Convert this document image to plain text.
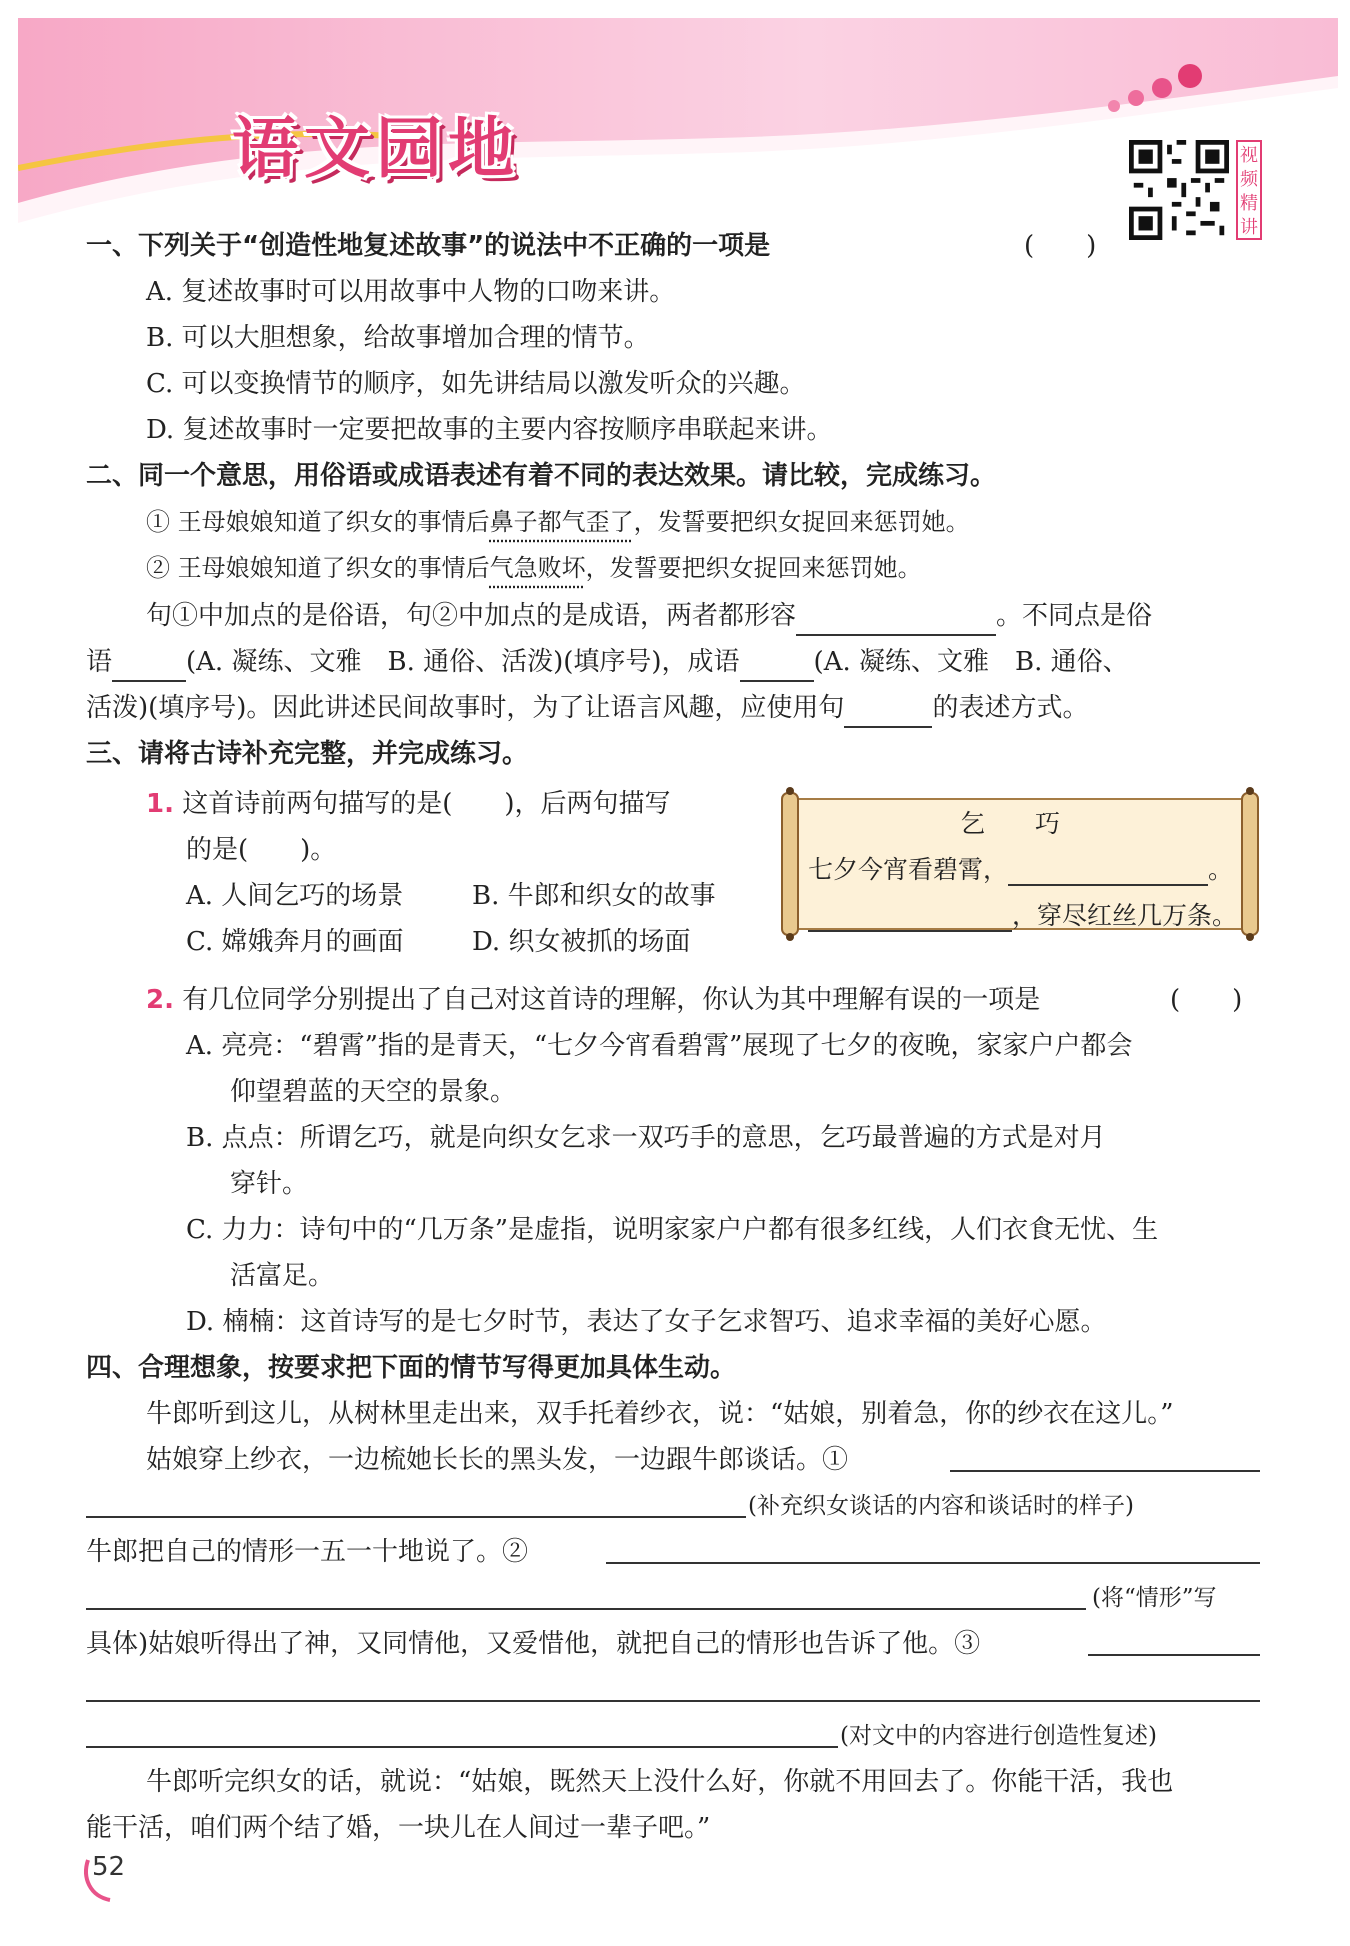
语文园地	视频精讲
一、下列关于“创造性地复述故事”的说法中不正确的一项是	(　　)
A. 复述故事时可以用故事中人物的口吻来讲。
B. 可以大胆想象，给故事增加合理的情节。
C. 可以变换情节的顺序，如先讲结局以激发听众的兴趣。
D. 复述故事时一定要把故事的主要内容按顺序串联起来讲。
二、同一个意思，用俗语或成语表述有着不同的表达效果。请比较，完成练习。
① 王母娘娘知道了织女的事情后鼻子都气歪了，发誓要把织女捉回来惩罚她。
② 王母娘娘知道了织女的事情后气急败坏，发誓要把织女捉回来惩罚她。
句①中加点的是俗语，句②中加点的是成语，两者都形容	。不同点是俗
语	(A. 凝练、文雅　B. 通俗、活泼)(填序号)，成语	(A. 凝练、文雅　B. 通俗、
活泼)(填序号)。因此讲述民间故事时，为了让语言风趣，应使用句	的表述方式。
三、请将古诗补充完整，并完成练习。
1. 这首诗前两句描写的是(　　)，后两句描写
的是(　　)。
A. 人间乞巧的场景	B. 牛郎和织女的故事
C. 嫦娥奔月的画面	D. 织女被抓的场面
乞　　巧
七夕今宵看碧霄，	。
，穿尽红丝几万条。
2. 有几位同学分别提出了自己对这首诗的理解，你认为其中理解有误的一项是	(　　)
A. 亮亮：“碧霄”指的是青天，“七夕今宵看碧霄”展现了七夕的夜晚，家家户户都会
仰望碧蓝的天空的景象。
B. 点点：所谓乞巧，就是向织女乞求一双巧手的意思，乞巧最普遍的方式是对月
穿针。
C. 力力：诗句中的“几万条”是虚指，说明家家户户都有很多红线，人们衣食无忧、生
活富足。
D. 楠楠：这首诗写的是七夕时节，表达了女子乞求智巧、追求幸福的美好心愿。
四、合理想象，按要求把下面的情节写得更加具体生动。
牛郎听到这儿，从树林里走出来，双手托着纱衣，说：“姑娘，别着急，你的纱衣在这儿。”
姑娘穿上纱衣，一边梳她长长的黑头发，一边跟牛郎谈话。①
(补充织女谈话的内容和谈话时的样子)
牛郎把自己的情形一五一十地说了。②
(将“情形”写
具体)姑娘听得出了神，又同情他，又爱惜他，就把自己的情形也告诉了他。③
(对文中的内容进行创造性复述)
牛郎听完织女的话，就说：“姑娘，既然天上没什么好，你就不用回去了。你能干活，我也
能干活，咱们两个结了婚，一块儿在人间过一辈子吧。”
52
